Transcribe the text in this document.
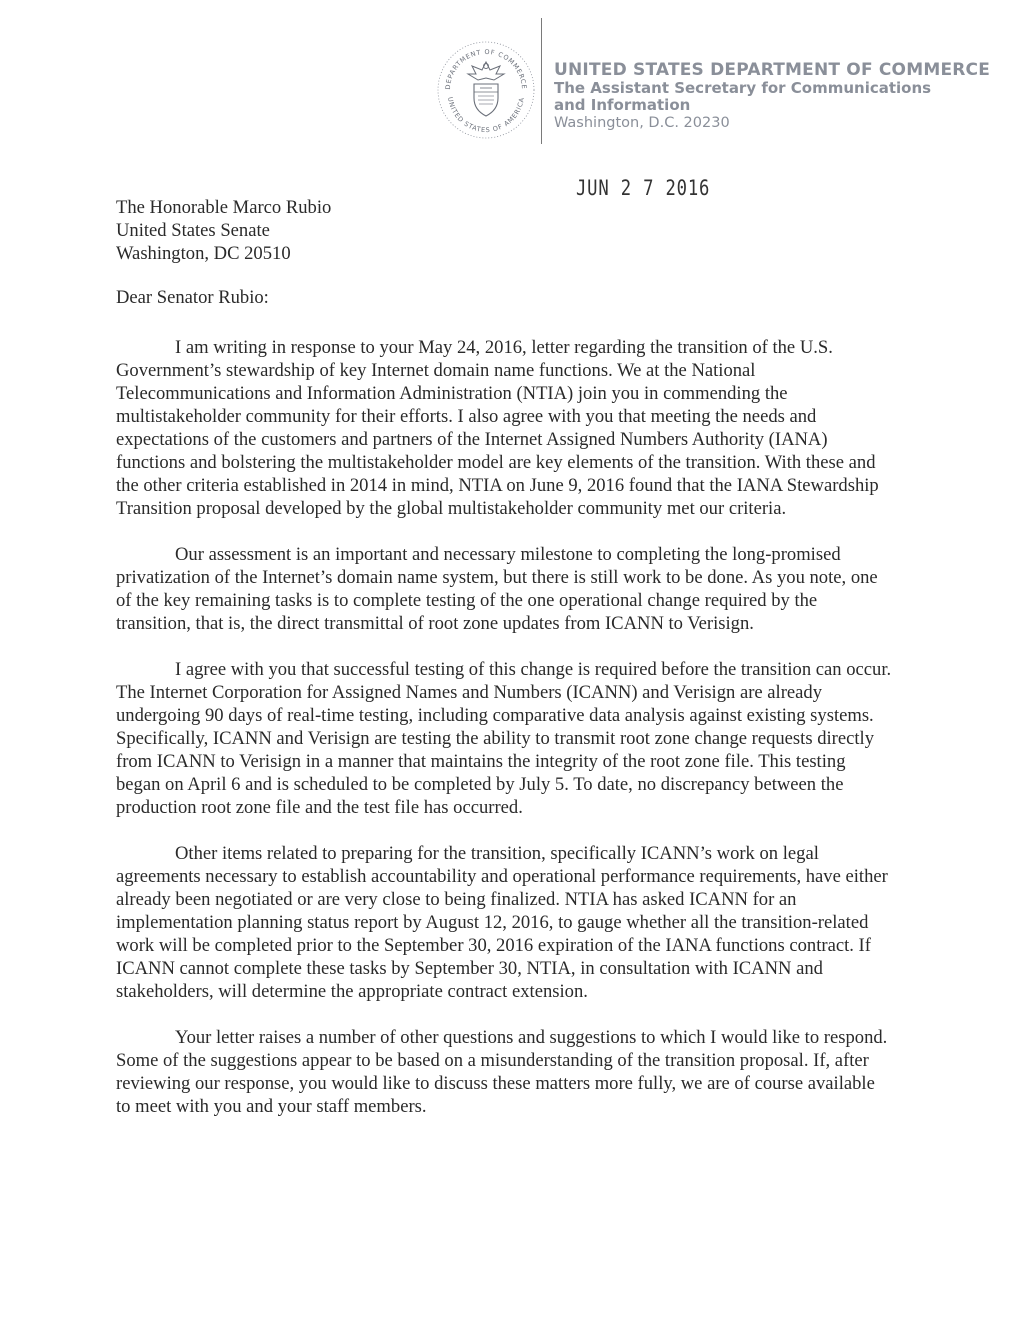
DEPARTMENT OF COMMERCE
UNITED STATES OF AMERICA
UNITED STATES DEPARTMENT OF COMMERCE
The Assistant Secretary for Communications
and Information
Washington, D.C. 20230
JUN 2 7 2016
The Honorable Marco Rubio
United States Senate
Washington, DC 20510
Dear Senator Rubio:

I am writing in response to your May 24, 2016, letter regarding the transition of the U.S. Government’s stewardship of key Internet domain name functions. We at the National Telecommunications and Information Administration (NTIA) join you in commending the multistakeholder community for their efforts. I also agree with you that meeting the needs and expectations of the customers and partners of the Internet Assigned Numbers Authority (IANA) functions and bolstering the multistakeholder model are key elements of the transition. With these and the other criteria established in 2014 in mind, NTIA on June 9, 2016 found that the IANA Stewardship Transition proposal developed by the global multistakeholder community met our criteria.

Our assessment is an important and necessary milestone to completing the long-promised privatization of the Internet’s domain name system, but there is still work to be done. As you note, one of the key remaining tasks is to complete testing of the one operational change required by the transition, that is, the direct transmittal of root zone updates from ICANN to Verisign.

I agree with you that successful testing of this change is required before the transition can occur. The Internet Corporation for Assigned Names and Numbers (ICANN) and Verisign are already undergoing 90 days of real-time testing, including comparative data analysis against existing systems. Specifically, ICANN and Verisign are testing the ability to transmit root zone change requests directly from ICANN to Verisign in a manner that maintains the integrity of the root zone file. This testing began on April 6 and is scheduled to be completed by July 5. To date, no discrepancy between the production root zone file and the test file has occurred.

Other items related to preparing for the transition, specifically ICANN’s work on legal agreements necessary to establish accountability and operational performance requirements, have either already been negotiated or are very close to being finalized. NTIA has asked ICANN for an implementation planning status report by August 12, 2016, to gauge whether all the transition-related work will be completed prior to the September 30, 2016 expiration of the IANA functions contract. If ICANN cannot complete these tasks by September 30, NTIA, in consultation with ICANN and stakeholders, will determine the appropriate contract extension.

Your letter raises a number of other questions and suggestions to which I would like to respond. Some of the suggestions appear to be based on a misunderstanding of the transition proposal. If, after reviewing our response, you would like to discuss these matters more fully, we are of course available to meet with you and your staff members.
